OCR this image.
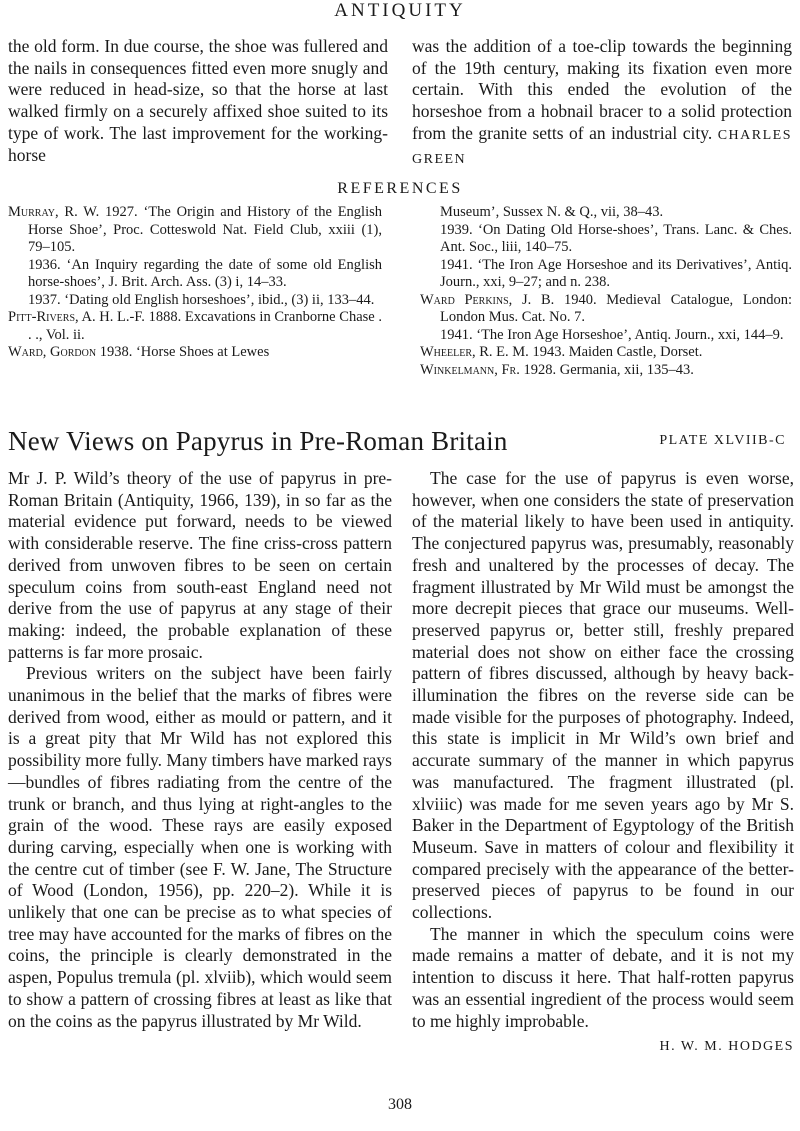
ANTIQUITY

the old form. In due course, the shoe was fullered and the nails in consequences fitted even more snugly and were reduced in head-size, so that the horse at last walked firmly on a securely affixed shoe suited to its type of work. The last improvement for the working-horse

was the addition of a toe-clip towards the beginning of the 19th century, making its fixation even more certain. With this ended the evolution of the horseshoe from a hobnail bracer to a solid protection from the granite setts of an industrial city. CHARLES GREEN

REFERENCES

Murray, R. W. 1927. ‘The Origin and History of the English Horse Shoe’, Proc. Cotteswold Nat. Field Club, xxiii (1), 79–105.

1936. ‘An Inquiry regarding the date of some old English horse-shoes’, J. Brit. Arch. Ass. (3) i, 14–33.

1937. ‘Dating old English horseshoes’, ibid., (3) ii, 133–44.

Pitt-Rivers, A. H. L.-F. 1888. Excavations in Cranborne Chase . . ., Vol. ii.

Ward, Gordon 1938. ‘Horse Shoes at Lewes

Museum’, Sussex N. & Q., vii, 38–43.

1939. ‘On Dating Old Horse-shoes’, Trans. Lanc. & Ches. Ant. Soc., liii, 140–75.

1941. ‘The Iron Age Horseshoe and its Derivatives’, Antiq. Journ., xxi, 9–27; and n. 238.

Ward Perkins, J. B. 1940. Medieval Catalogue, London: London Mus. Cat. No. 7.

1941. ‘The Iron Age Horseshoe’, Antiq. Journ., xxi, 144–9.

Wheeler, R. E. M. 1943. Maiden Castle, Dorset.

Winkelmann, Fr. 1928. Germania, xii, 135–43.

New Views on Papyrus in Pre-Roman Britain	PLATE XLVIIB-C

Mr J. P. Wild’s theory of the use of papyrus in pre-Roman Britain (Antiquity, 1966, 139), in so far as the material evidence put forward, needs to be viewed with considerable reserve. The fine criss-cross pattern derived from unwoven fibres to be seen on certain speculum coins from south-east England need not derive from the use of papyrus at any stage of their making: indeed, the probable explanation of these patterns is far more prosaic.

Previous writers on the subject have been fairly unanimous in the belief that the marks of fibres were derived from wood, either as mould or pattern, and it is a great pity that Mr Wild has not explored this possibility more fully. Many timbers have marked rays—bundles of fibres radiating from the centre of the trunk or branch, and thus lying at right-angles to the grain of the wood. These rays are easily exposed during carving, especially when one is working with the centre cut of timber (see F. W. Jane, The Structure of Wood (London, 1956), pp. 220–2). While it is unlikely that one can be precise as to what species of tree may have accounted for the marks of fibres on the coins, the principle is clearly demonstrated in the aspen, Populus tremula (pl. xlviib), which would seem to show a pattern of crossing fibres at least as like that on the coins as the papyrus illustrated by Mr Wild.

The case for the use of papyrus is even worse, however, when one considers the state of preservation of the material likely to have been used in antiquity. The conjectured papyrus was, presumably, reasonably fresh and unaltered by the processes of decay. The fragment illustrated by Mr Wild must be amongst the more decrepit pieces that grace our museums. Well-preserved papyrus or, better still, freshly prepared material does not show on either face the crossing pattern of fibres discussed, although by heavy back-illumination the fibres on the reverse side can be made visible for the purposes of photography. Indeed, this state is implicit in Mr Wild’s own brief and accurate summary of the manner in which papyrus was manufactured. The fragment illustrated (pl. xlviiic) was made for me seven years ago by Mr S. Baker in the Department of Egyptology of the British Museum. Save in matters of colour and flexibility it compared precisely with the appearance of the better-preserved pieces of papyrus to be found in our collections.

The manner in which the speculum coins were made remains a matter of debate, and it is not my intention to discuss it here. That half-rotten papyrus was an essential ingredient of the process would seem to me highly improbable.

H. W. M. HODGES

308
